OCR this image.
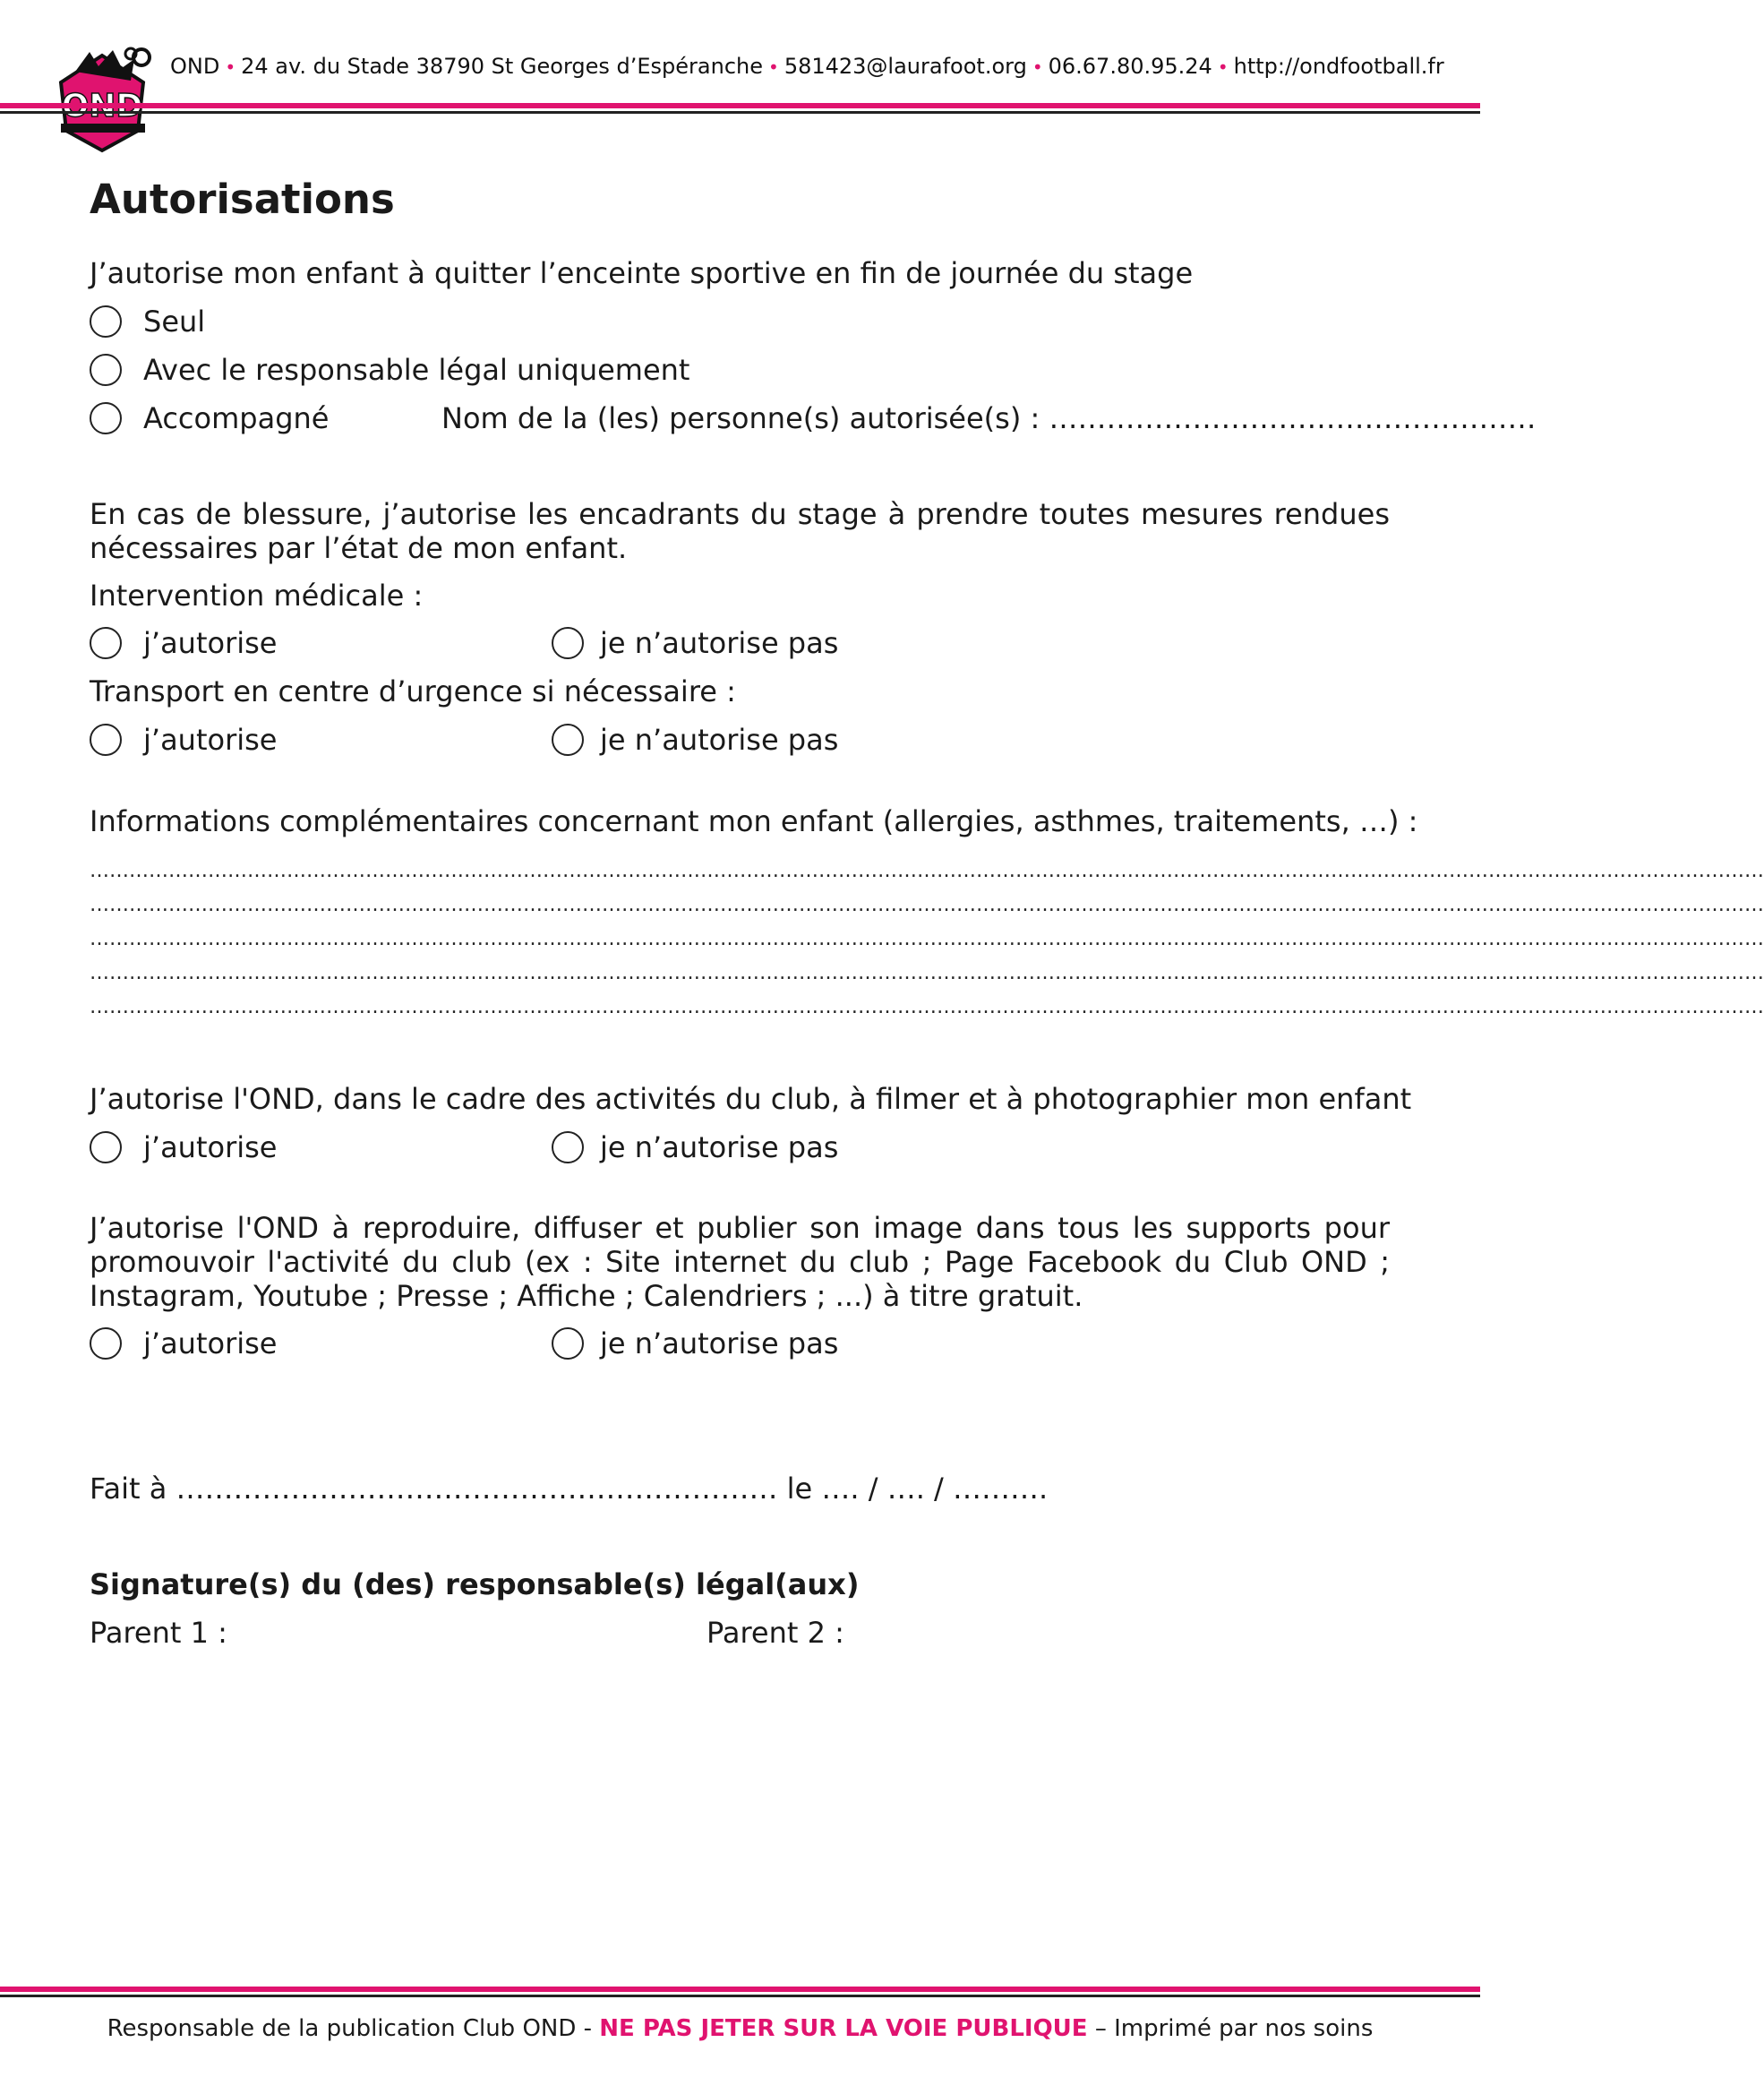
OND • 24 av. du Stade 38790 St Georges d’Espéranche • 581423@laurafoot.org • 06.67.80.95.24 • http://ondfootball.fr
Autorisations
J’autorise mon enfant à quitter l’enceinte sportive en fin de journée du stage
Seul
Avec le responsable légal uniquement
Accompagné	Nom de la (les) personne(s) autorisée(s) : ……………………………………………
En cas de blessure, j’autorise les encadrants du stage à prendre toutes mesures rendues nécessaires par l’état de mon enfant.
Intervention médicale :
j’autorise	je n’autorise pas
Transport en centre d’urgence si nécessaire :
j’autorise	je n’autorise pas
Informations complémentaires concernant mon enfant (allergies, asthmes, traitements, …) :
…………………………………………………………………………………………………………………………………………………………………………………………………………………………………
…………………………………………………………………………………………………………………………………………………………………………………………………………………………………
…………………………………………………………………………………………………………………………………………………………………………………………………………………………………
…………………………………………………………………………………………………………………………………………………………………………………………………………………………………
…………………………………………………………………………………………………………………………………………………………………………………………………………………………………
J’autorise l'OND, dans le cadre des activités du club, à filmer et à photographier mon enfant
j’autorise	je n’autorise pas
J’autorise l'OND à reproduire, diffuser et publier son image dans tous les supports pour promouvoir l'activité du club (ex : Site internet du club ; Page Facebook du Club OND ; Instagram, Youtube ; Presse ; Affiche ; Calendriers ; ...) à titre gratuit.
j’autorise	je n’autorise pas
Fait à ……………………………………………………… le …. / …. / ……….
Signature(s) du (des) responsable(s) légal(aux)
Parent 1 :	Parent 2 :
Responsable de la publication Club OND - NE PAS JETER SUR LA VOIE PUBLIQUE – Imprimé par nos soins
